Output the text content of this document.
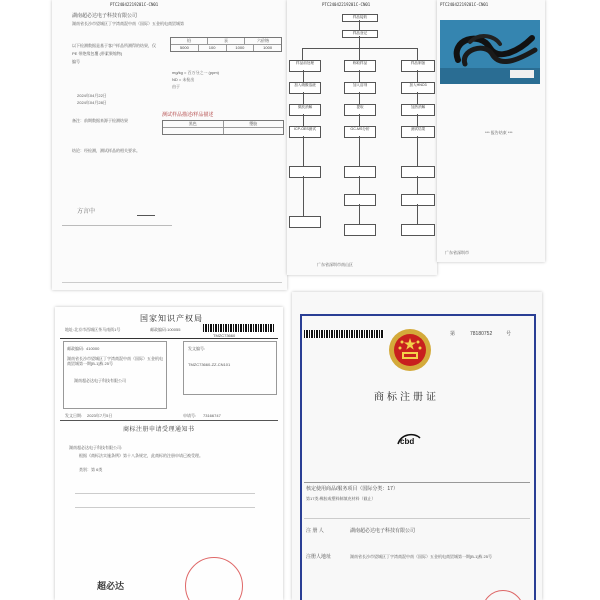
PTC24042219201C-CN01
湖南超必达电子科技有限公司
湖南省长沙市望城区丁字湾商混中南（国际）五金机电商贸城第
铅	汞	六价铬
5000	100	1000	1000
以下检测数据是基于客户样品所测得的结果，仅
PE 带绝缘包覆 (带素聚缩物)
编号
2024年04月22日
2024年04月28日
mg/kg = 百万分之一 (ppm)
ND = 未检出
由于
测试样品描述/样品描述
黑色	塑胶
备注：前期数据来源于检测结果
结论：经检测，测试样品的相关要求。
方言中
PTC24042219201C-CN01
样品接收
样品登记
样品前处理
加入硝酸溶液
微波消解
ICP-OES测试
称取样品
加入溶剂
提取
GC-MS分析
样品制备
加入HNO3
加热消解
测试结果
广东省深圳市南山区
PTC24042219201C-CN01
*** 报告结束 ***
广东省深圳市
国家知识产权局
地址:北京市西城区茶马南街1号	邮政编码:100055
TMZC73660
邮政编码: 410000
湖南省长沙市望城区丁字湾商混中南（国际）五金机电商贸城第一期[B-1]栋 25号
湖南超必达电子科技有限公司
发文编号:
TMZC73660-ZZ-CN101
发文日期: 2023年7月5日	申请号: 73166747
商标注册申请受理通知书
湖南超必达电子科技有限公司:
根据《商标法实施条例》第十八条规定，此商标的注册申请已被受理。
类别：第 6类
超必达
第	78180752	号
商标注册证
cbd
核定使用商品/服务项目（国际分类：17）
第17类:橡胶或塑料制填充材料（截止）
注 册 人	湖南超必达电子科技有限公司
注册人地址	湖南省长沙市望城区丁字湾商混中南（国际）五金机电商贸城第一期[B-1]栋 25号
